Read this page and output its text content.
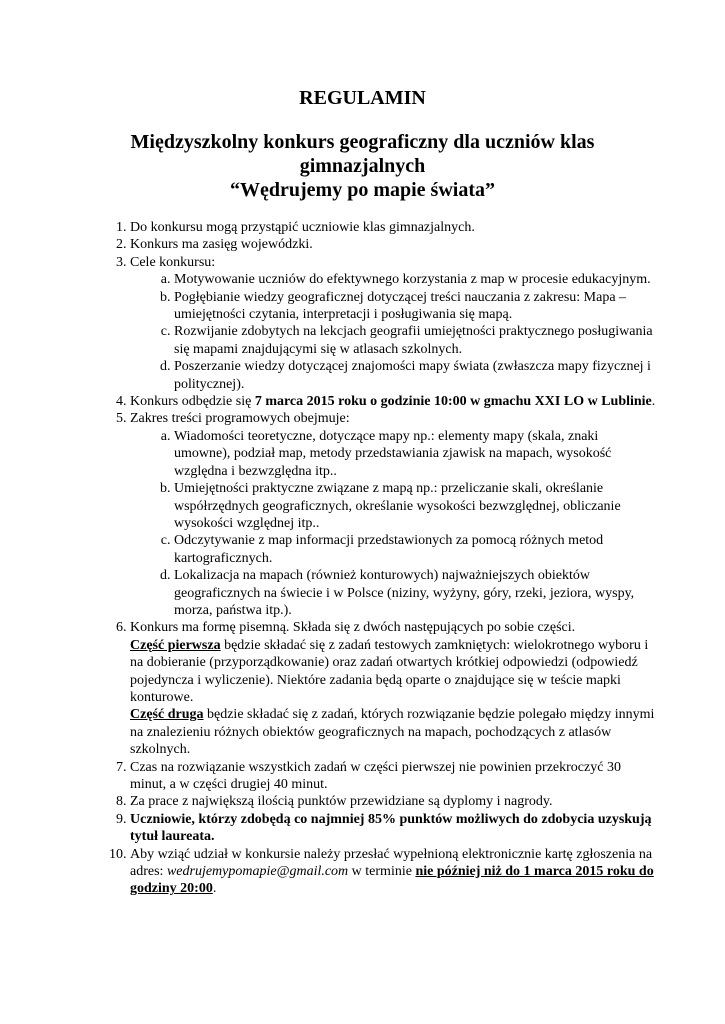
REGULAMIN
Międzyszkolny konkurs geograficzny dla uczniów klas gimnazjalnych
“Wędrujemy po mapie świata”
1. Do konkursu mogą przystąpić uczniowie klas gimnazjalnych.
2. Konkurs ma zasięg wojewódzki.
3. Cele konkursu:
a. Motywowanie uczniów do efektywnego korzystania z map w procesie edukacyjnym.
b. Pogłębianie wiedzy geograficznej dotyczącej treści nauczania z zakresu: Mapa – umiejętności czytania, interpretacji i posługiwania się mapą.
c. Rozwijanie zdobytych na lekcjach geografii umiejętności praktycznego posługiwania się mapami znajdującymi się w atlasach szkolnych.
d. Poszerzanie wiedzy dotyczącej znajomości mapy świata (zwłaszcza mapy fizycznej i politycznej).
4. Konkurs odbędzie się 7 marca 2015 roku o godzinie 10:00 w gmachu XXI LO w Lublinie.
5. Zakres treści programowych obejmuje:
a. Wiadomości teoretyczne, dotyczące mapy np.: elementy mapy (skala, znaki umowne), podział map, metody przedstawiania zjawisk na mapach, wysokość względna i bezwzględna itp..
b. Umiejętności praktyczne związane z mapą np.: przeliczanie skali, określanie współrzędnych geograficznych, określanie wysokości bezwzględnej, obliczanie wysokości względnej itp..
c. Odczytywanie z map informacji przedstawionych za pomocą różnych metod kartograficznych.
d. Lokalizacja na mapach (również konturowych) najważniejszych obiektów geograficznych na świecie i w Polsce (niziny, wyżyny, góry, rzeki, jeziora, wyspy, morza, państwa itp.).
6. Konkurs ma formę pisemną. Składa się z dwóch następujących po sobie części.
Część pierwsza będzie składać się z zadań testowych zamkniętych: wielokrotnego wyboru i na dobieranie (przyporządkowanie) oraz zadań otwartych krótkiej odpowiedzi (odpowiedź pojedyncza i wyliczenie). Niektóre zadania będą oparte o znajdujące się w teście mapki konturowe.
Część druga będzie składać się z zadań, których rozwiązanie będzie polegało między innymi na znalezieniu różnych obiektów geograficznych na mapach, pochodzących z atlasów szkolnych.
7. Czas na rozwiązanie wszystkich zadań w części pierwszej nie powinien przekroczyć 30 minut, a w części drugiej 40 minut.
8. Za prace z największą ilością punktów przewidziane są dyplomy i nagrody.
9. Uczniowie, którzy zdobędą co najmniej 85% punktów możliwych do zdobycia uzyskują tytuł laureata.
10. Aby wziąć udział w konkursie należy przesłać wypełnioną elektronicznie kartę zgłoszenia na adres: wedrujemypomapie@gmail.com w terminie nie później niż do 1 marca 2015 roku do godziny 20:00.
